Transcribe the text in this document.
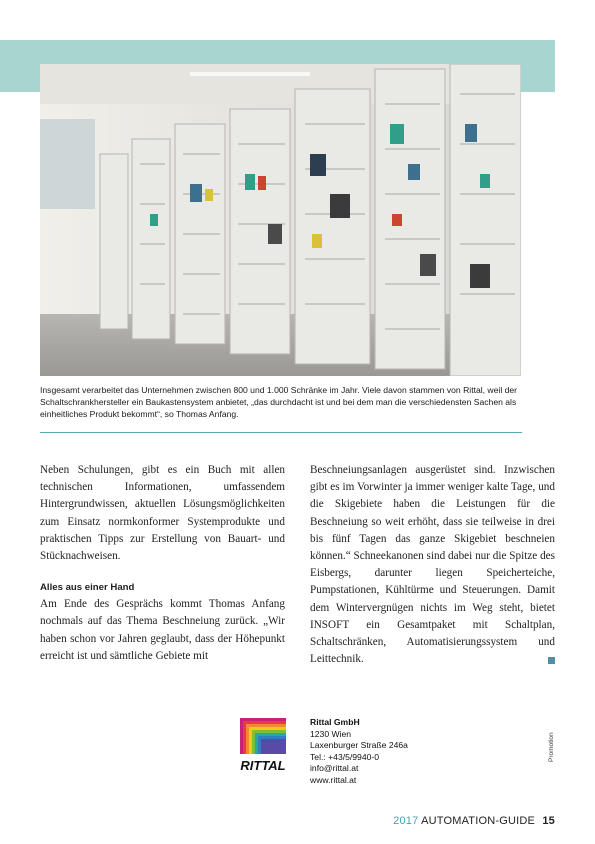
Insgesamt verarbeitet das Unternehmen zwischen 800 und 1.000 Schränke im Jahr. Viele davon stammen von Rittal, weil der Schaltschrankhersteller ein Baukastensystem anbietet, „das durchdacht ist und bei dem man die verschiedensten Sachen als einheitliches Produkt bekommt“, so Thomas Anfang.

Neben Schulungen, gibt es ein Buch mit allen technischen Informationen, umfassendem Hintergrundwissen, aktuellen Lösungsmöglichkeiten zum Einsatz normkonformer Systemprodukte und praktischen Tipps zur Erstellung von Bauart- und Stücknachweisen.

Alles aus einer Hand

Am Ende des Gesprächs kommt Thomas Anfang nochmals auf das Thema Beschneiung zurück. „Wir haben schon vor Jahren geglaubt, dass der Höhepunkt erreicht ist und sämtliche Gebiete mit

Beschneiungsanlagen ausgerüstet sind. Inzwischen gibt es im Vorwinter ja immer weniger kalte Tage, und die Skigebiete haben die Leistungen für die Beschneiung so weit erhöht, dass sie teilweise in drei bis fünf Tagen das ganze Skigebiet beschneien können.“ Schneekanonen sind dabei nur die Spitze des Eisbergs, darunter liegen Speicherteiche, Pumpstationen, Kühltürme und Steuerungen. Damit dem Wintervergnügen nichts im Weg steht, bietet INSOFT ein Gesamtpaket mit Schaltplan, Schaltschränken, Automatisierungssystem und Leittechnik.

RITTAL
Rittal GmbH
1230 Wien
Laxenburger Straße 246a
Tel.: +43/5/9940-0
info@rittal.at
www.rittal.at
Promotion
2017 AUTOMATION-GUIDE 15
